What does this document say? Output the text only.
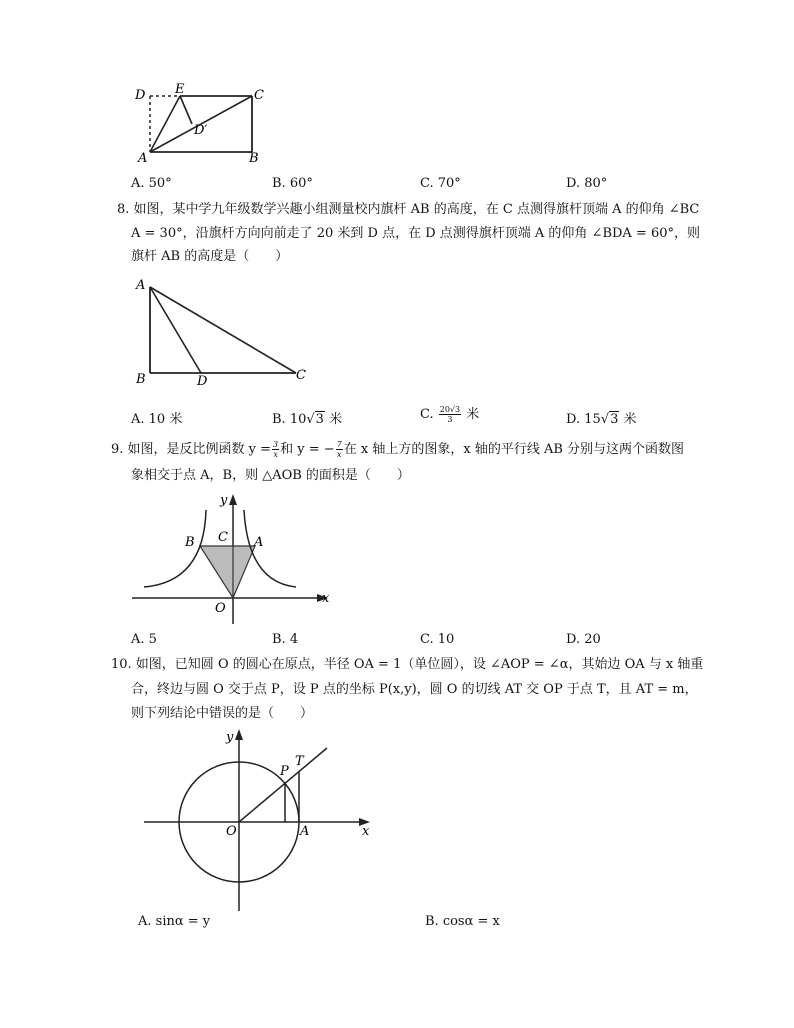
D E	C
D′
A	B
A. 50°	B. 60°	C. 70°	D. 80°
8. 如图，某中学九年级数学兴趣小组测量校内旗杆 AB 的高度，在 C 点测得旗杆顶端 A 的仰角 ∠BC
A = 30°，沿旗杆方向向前走了 20 米到 D 点，在 D 点测得旗杆顶端 A 的仰角 ∠BDA = 60°，则
旗杆 AB 的高度是（　　）
A
B	D	C
A. 10 米	B. 10√3 米	C. $\frac{20√3}{3}$ 米	D. 15√3 米
9. 如图，是反比例函数 $y = \frac{3}{x}$ 和 y = − $\frac{7}{x}$ 在 x 轴上方的图象，x 轴的平行线 AB 分别与这两个函数图
象相交于点 A，B，则 △AOB 的面积是（　　）
y
x
B C A
O
A. 5	B. 4	C. 10	D. 20
10. 如图，已知圆 O 的圆心在原点，半径 OA = 1（单位圆），设 ∠AOP = ∠α，其始边 OA 与 x 轴重
合，终边与圆 O 交于点 P，设 P 点的坐标 P(x,y)，圆 O 的切线 AT 交 OP 于点 T，且 AT = m，
则下列结论中错误的是（　　）
y
x
P
T
O	A
A. sinα = y	B. cosα = x
